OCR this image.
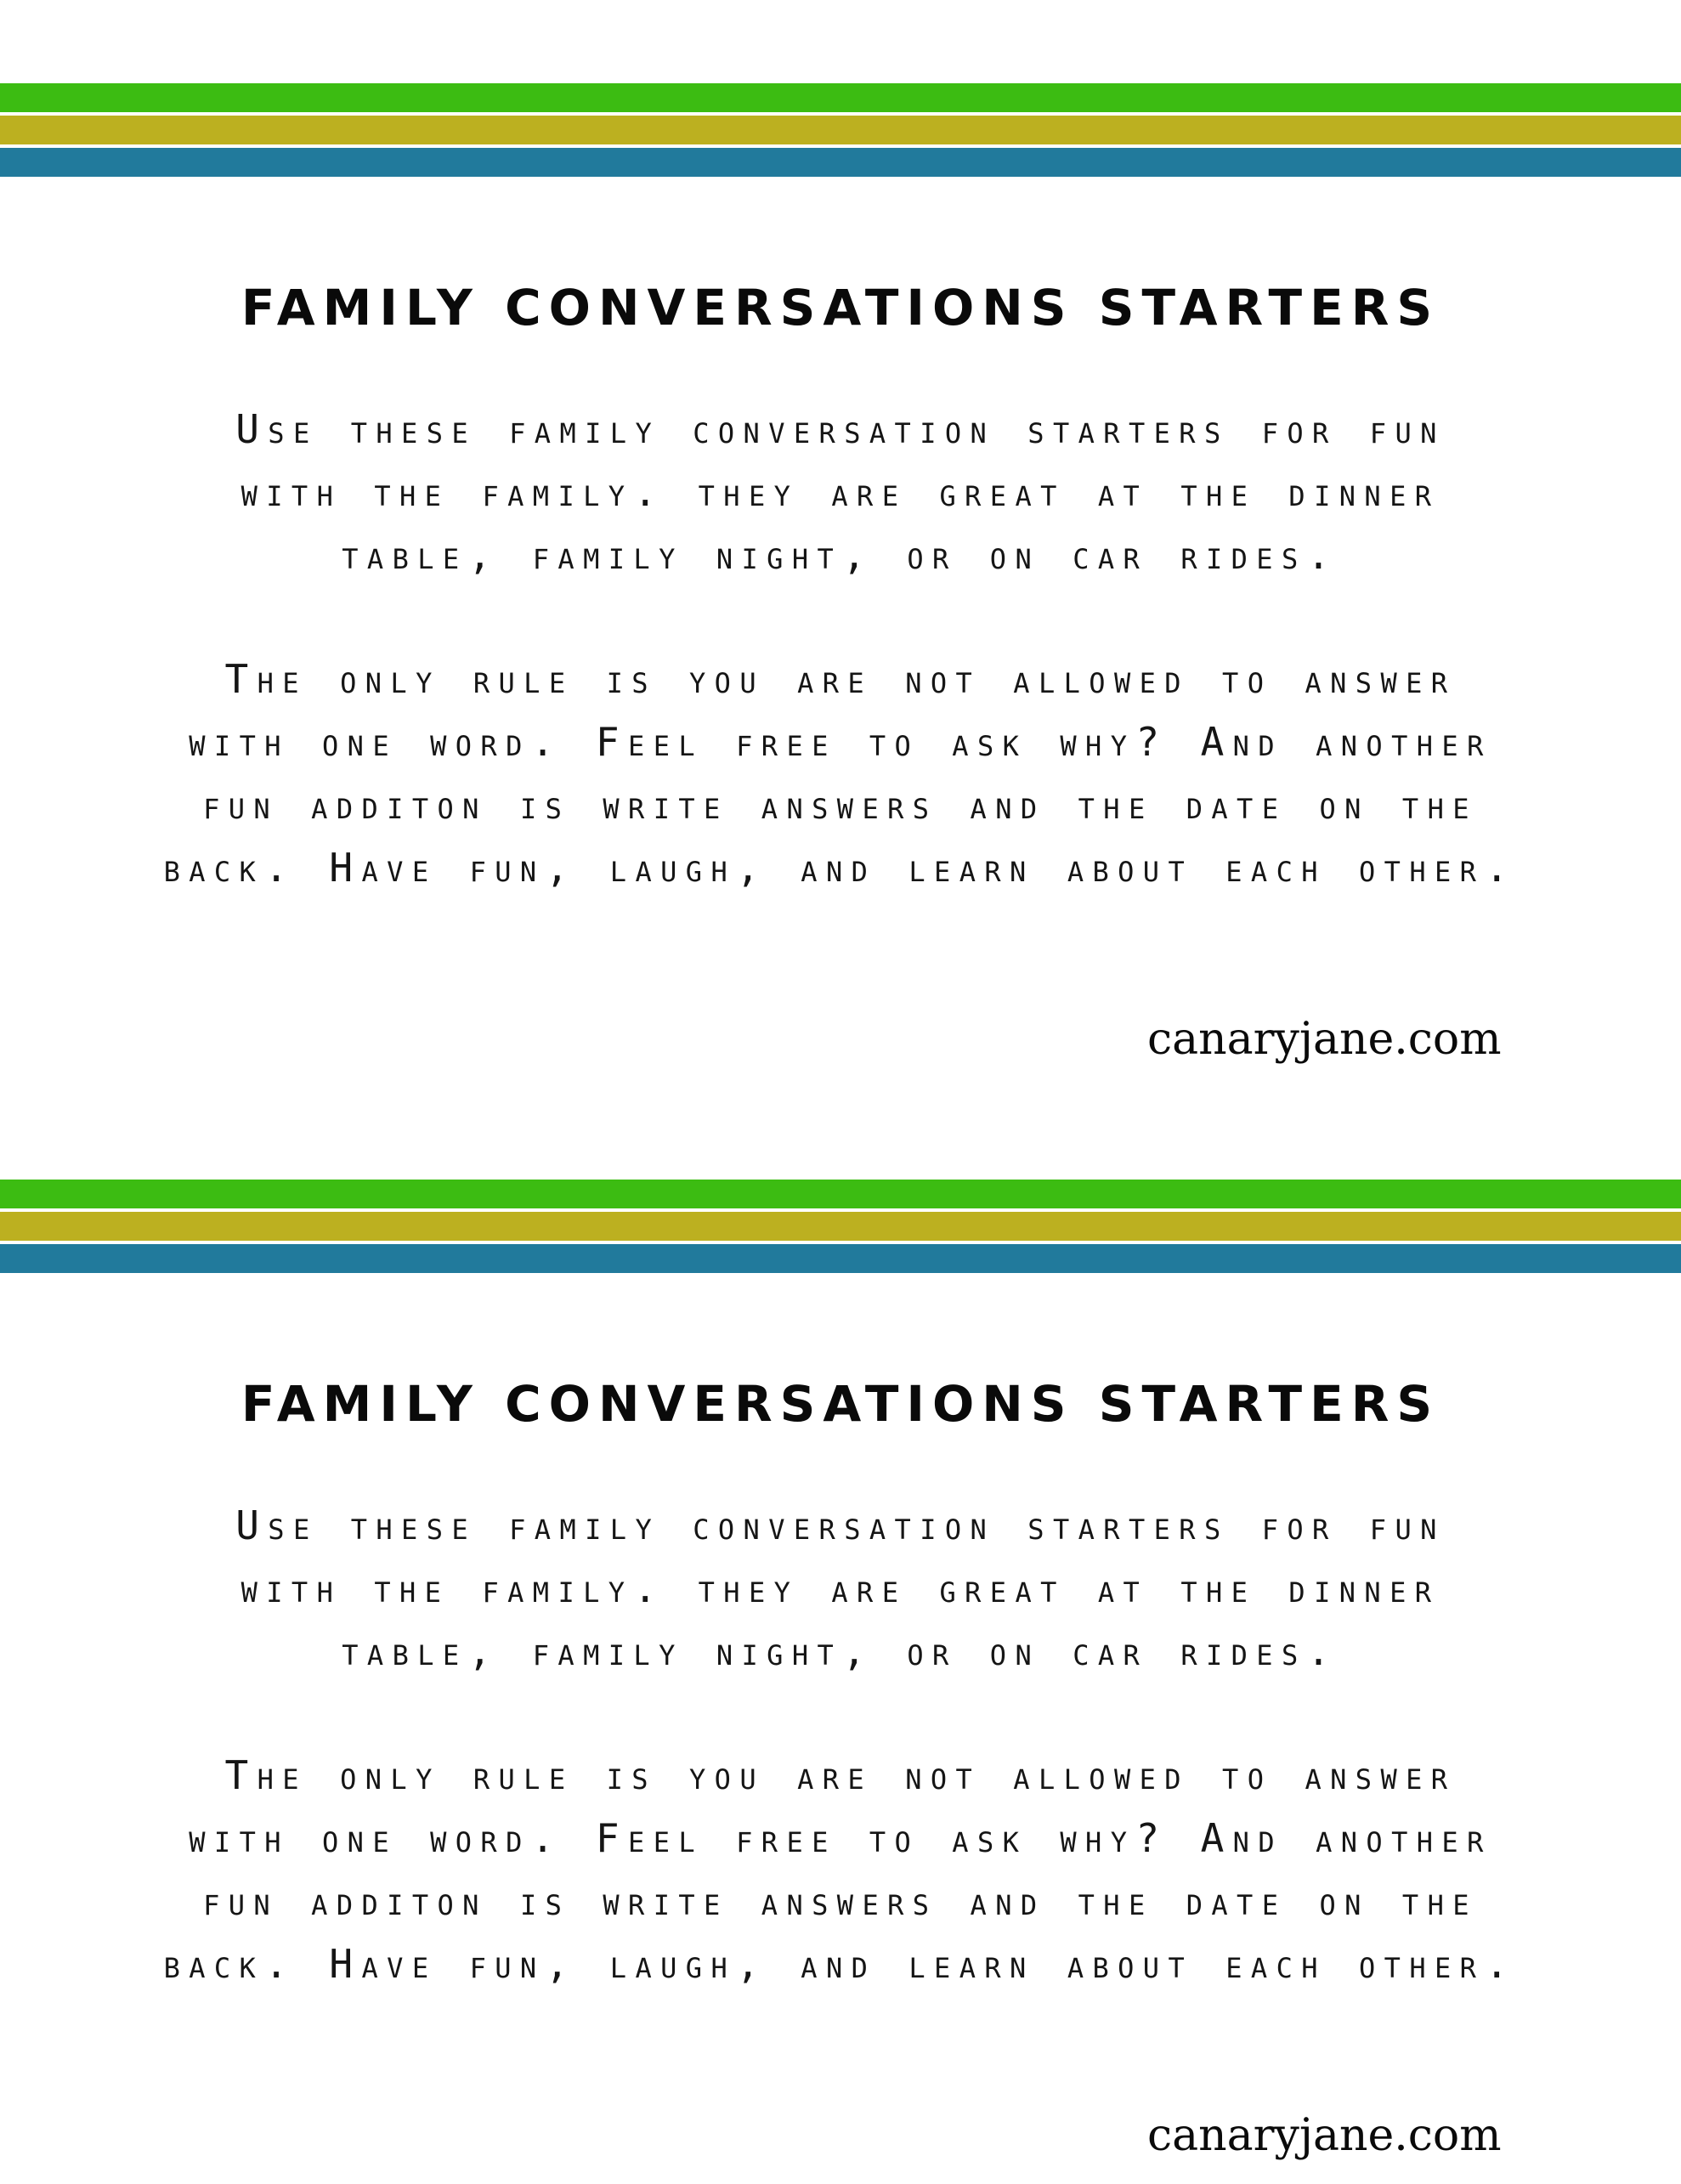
FAMILY CONVERSATIONS STARTERS
Use these family conversation starters for fun
with the family. they are great at the dinner
table, family night, or on car rides.
The only rule is you are not allowed to answer
with one word. Feel free to ask why? And another
fun additon is write answers and the date on the
back. Have fun, laugh, and learn about each other.
canaryjane.com
FAMILY CONVERSATIONS STARTERS
Use these family conversation starters for fun
with the family. they are great at the dinner
table, family night, or on car rides.
The only rule is you are not allowed to answer
with one word. Feel free to ask why? And another
fun additon is write answers and the date on the
back. Have fun, laugh, and learn about each other.
canaryjane.com
